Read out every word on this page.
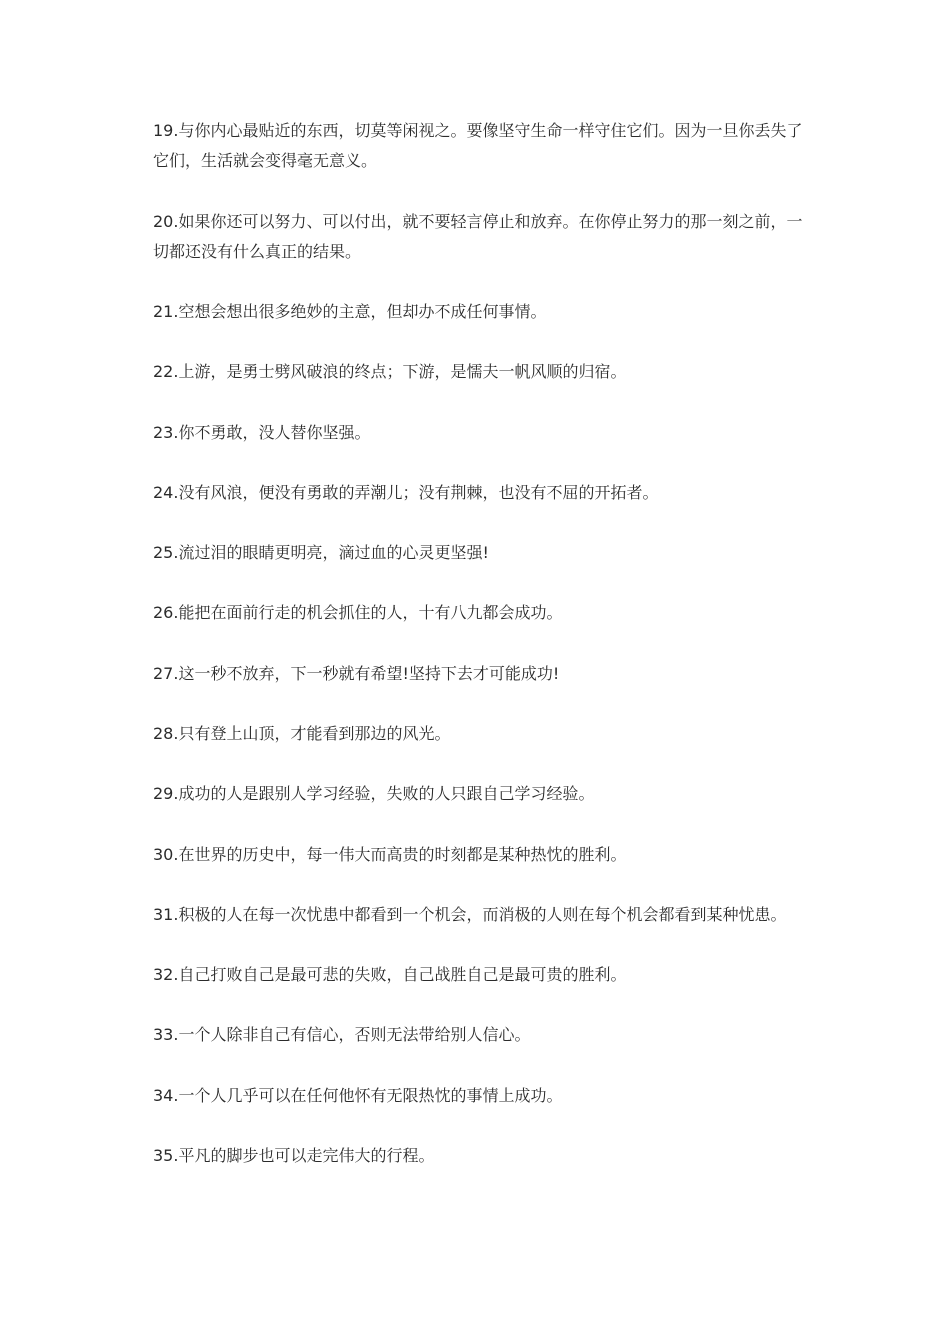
19.与你内心最贴近的东西，切莫等闲视之。要像坚守生命一样守住它们。因为一旦你丢失了它们，生活就会变得毫无意义。

20.如果你还可以努力、可以付出，就不要轻言停止和放弃。在你停止努力的那一刻之前，一切都还没有什么真正的结果。

21.空想会想出很多绝妙的主意，但却办不成任何事情。

22.上游，是勇士劈风破浪的终点；下游，是懦夫一帆风顺的归宿。

23.你不勇敢，没人替你坚强。

24.没有风浪，便没有勇敢的弄潮儿；没有荆棘，也没有不屈的开拓者。

25.流过泪的眼睛更明亮，滴过血的心灵更坚强!

26.能把在面前行走的机会抓住的人，十有八九都会成功。

27.这一秒不放弃，下一秒就有希望!坚持下去才可能成功!

28.只有登上山顶，才能看到那边的风光。

29.成功的人是跟别人学习经验，失败的人只跟自己学习经验。

30.在世界的历史中，每一伟大而高贵的时刻都是某种热忱的胜利。

31.积极的人在每一次忧患中都看到一个机会，而消极的人则在每个机会都看到某种忧患。

32.自己打败自己是最可悲的失败，自己战胜自己是最可贵的胜利。

33.一个人除非自己有信心，否则无法带给别人信心。

34.一个人几乎可以在任何他怀有无限热忱的事情上成功。

35.平凡的脚步也可以走完伟大的行程。
